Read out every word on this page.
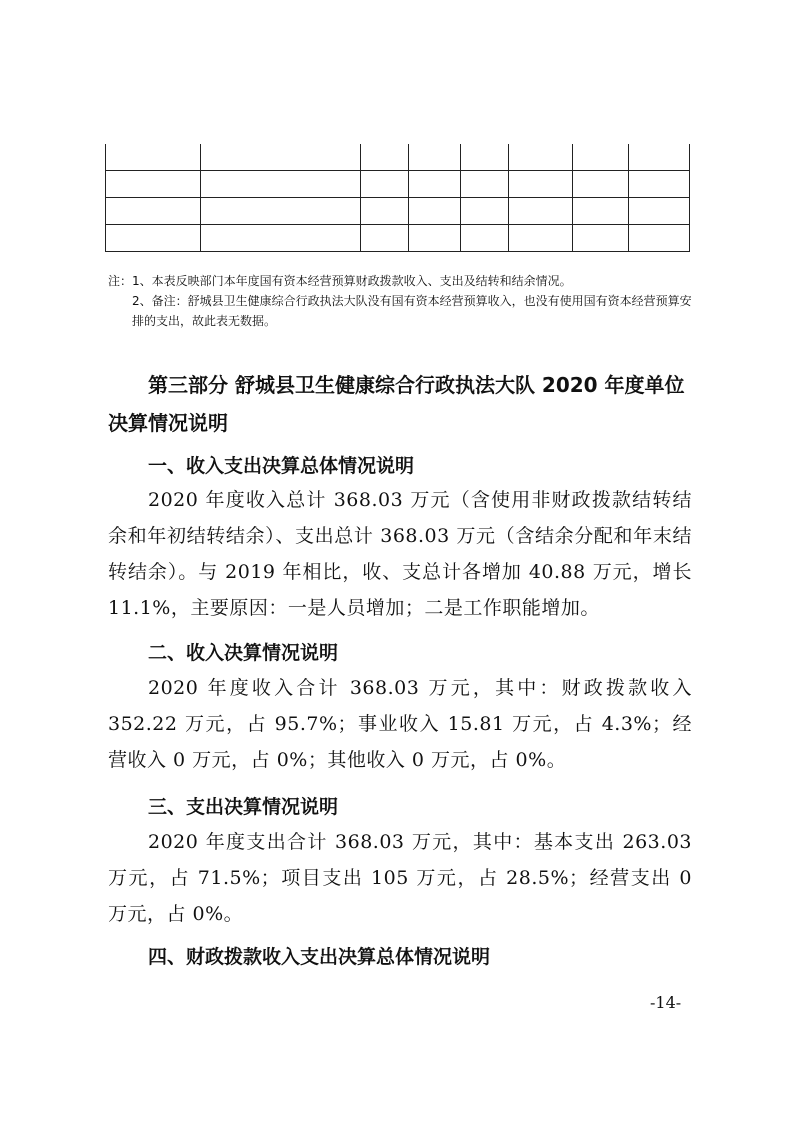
注：1、本表反映部门本年度国有资本经营预算财政拨款收入、支出及结转和结余情况。

2、备注：舒城县卫生健康综合行政执法大队没有国有资本经营预算收入，也没有使用国有资本经营预算安排的支出，故此表无数据。

第三部分 舒城县卫生健康综合行政执法大队 2020 年度单位决算情况说明
一、收入支出决算总体情况说明

2020 年度收入总计 368.03 万元（含使用非财政拨款结转结余和年初结转结余）、支出总计 368.03 万元（含结余分配和年末结转结余）。与 2019 年相比，收、支总计各增加 40.88 万元，增长 11.1%，主要原因：一是人员增加；二是工作职能增加。

二、收入决算情况说明

2020 年度收入合计 368.03 万元，其中：财政拨款收入 352.22 万元，占 95.7%；事业收入 15.81 万元，占 4.3%；经营收入 0 万元，占 0%；其他收入 0 万元，占 0%。

三、支出决算情况说明

2020 年度支出合计 368.03 万元，其中：基本支出 263.03 万元，占 71.5%；项目支出 105 万元，占 28.5%；经营支出 0 万元，占 0%。

四、财政拨款收入支出决算总体情况说明
-14-
